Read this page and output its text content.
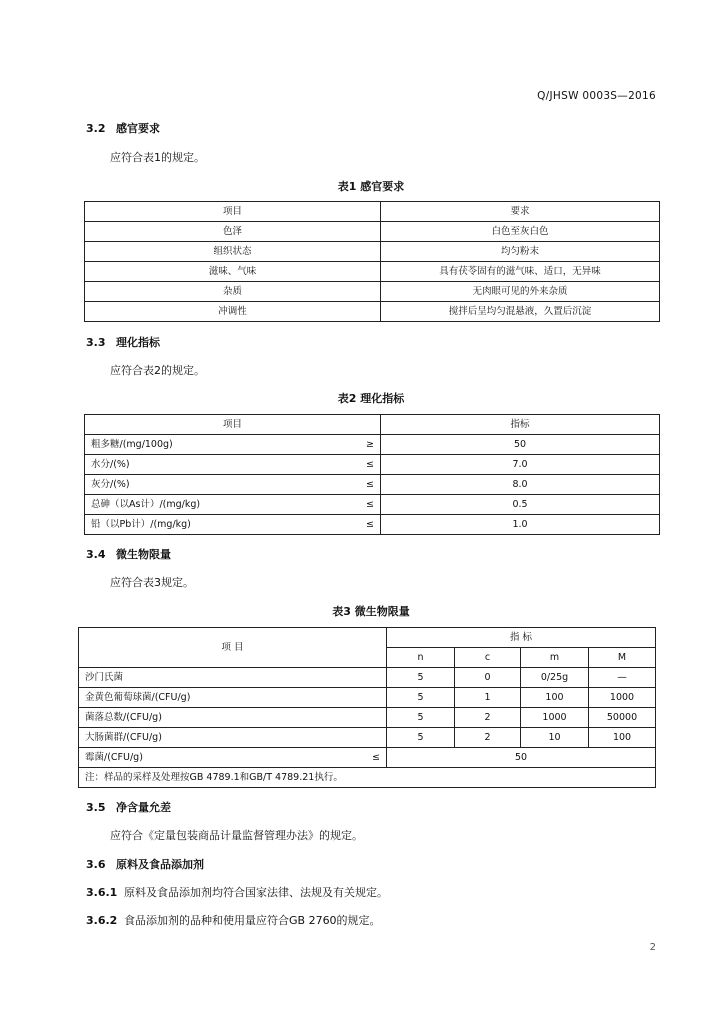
Q/JHSW 0003S—2016
3.2 感官要求
应符合表1的规定。
表1 感官要求
项目	要求
色泽	白色至灰白色
组织状态	均匀粉末
滋味、气味	具有茯苓固有的滋气味、适口，无异味
杂质	无肉眼可见的外来杂质
冲调性	搅拌后呈均匀混悬液，久置后沉淀
3.3 理化指标
应符合表2的规定。
表2 理化指标
项目	指标
粗多糖/(mg/100g) ≥	50
水分/(%) ≤	7.0
灰分/(%) ≤	8.0
总砷（以As计）/(mg/kg) ≤	0.5
铅（以Pb计）/(mg/kg) ≤	1.0
3.4 微生物限量
应符合表3规定。
表3 微生物限量
项 目	指 标			
	n	c	m	M
沙门氏菌	5	0	0/25g	—
金黄色葡萄球菌/(CFU/g)	5	1	100	1000
菌落总数/(CFU/g)	5	2	1000	50000
大肠菌群/(CFU/g)	5	2	10	100
霉菌/(CFU/g) ≤	50			
注：样品的采样及处理按GB 4789.1和GB/T 4789.21执行。				
3.5 净含量允差
应符合《定量包装商品计量监督管理办法》的规定。
3.6 原料及食品添加剂
3.6.1 原料及食品添加剂均符合国家法律、法规及有关规定。
3.6.2 食品添加剂的品种和使用量应符合GB 2760的规定。
2
